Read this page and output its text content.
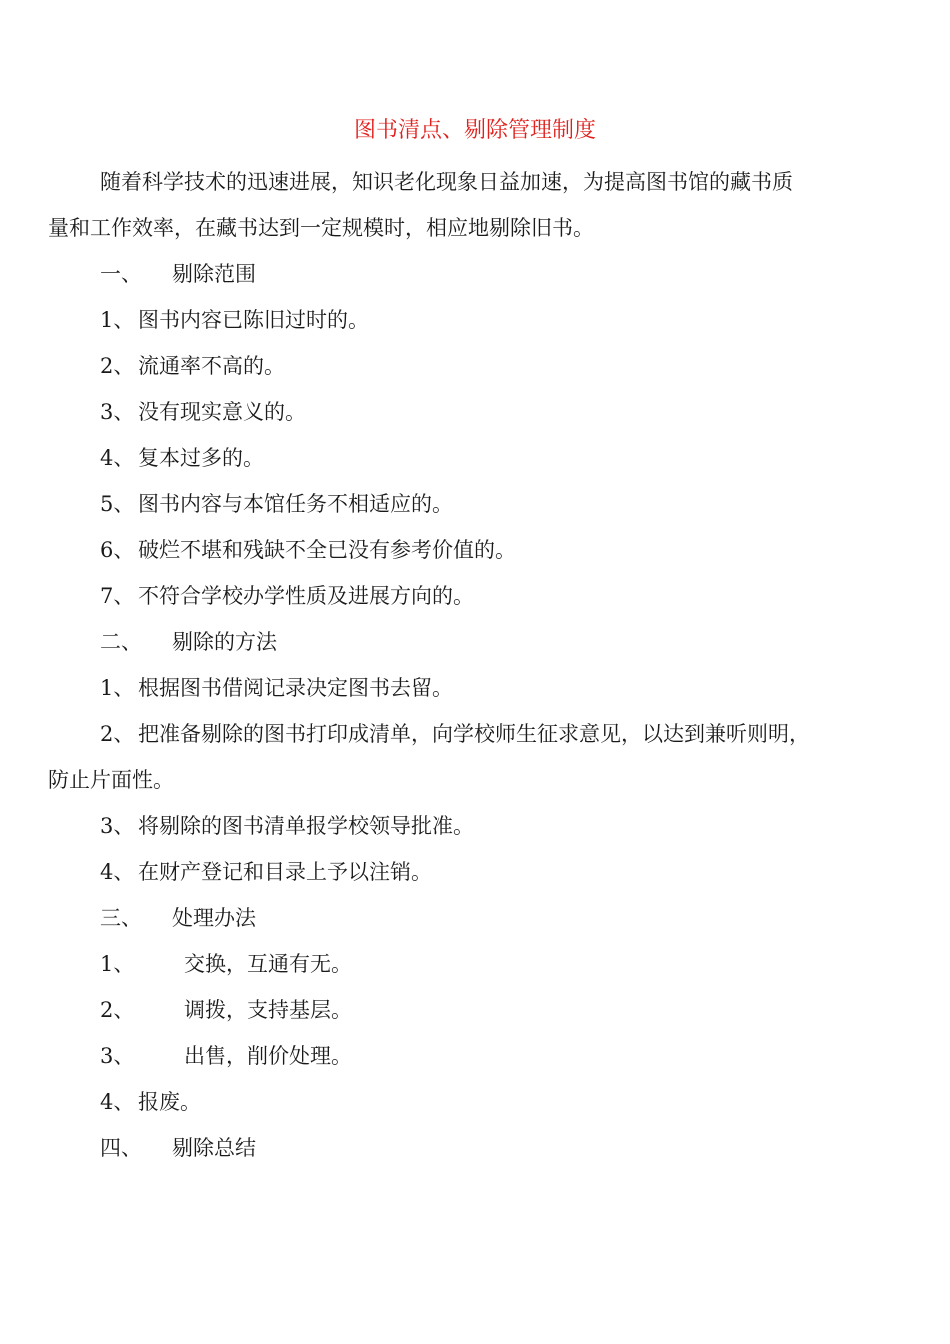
图书清点、剔除管理制度
随着科学技术的迅速进展，知识老化现象日益加速，为提高图书馆的藏书质
量和工作效率，在藏书达到一定规模时，相应地剔除旧书。
一、 剔除范围
1、 图书内容已陈旧过时的。
2、 流通率不高的。
3、 没有现实意义的。
4、 复本过多的。
5、 图书内容与本馆任务不相适应的。
6、 破烂不堪和残缺不全已没有参考价值的。
7、 不符合学校办学性质及进展方向的。
二、 剔除的方法
1、 根据图书借阅记录决定图书去留。
2、 把准备剔除的图书打印成清单，向学校师生征求意见，以达到兼听则明，
防止片面性。
3、 将剔除的图书清单报学校领导批准。
4、 在财产登记和目录上予以注销。
三、 处理办法
1、 交换，互通有无。
2、 调拨，支持基层。
3、 出售，削价处理。
4、 报废。
四、 剔除总结
